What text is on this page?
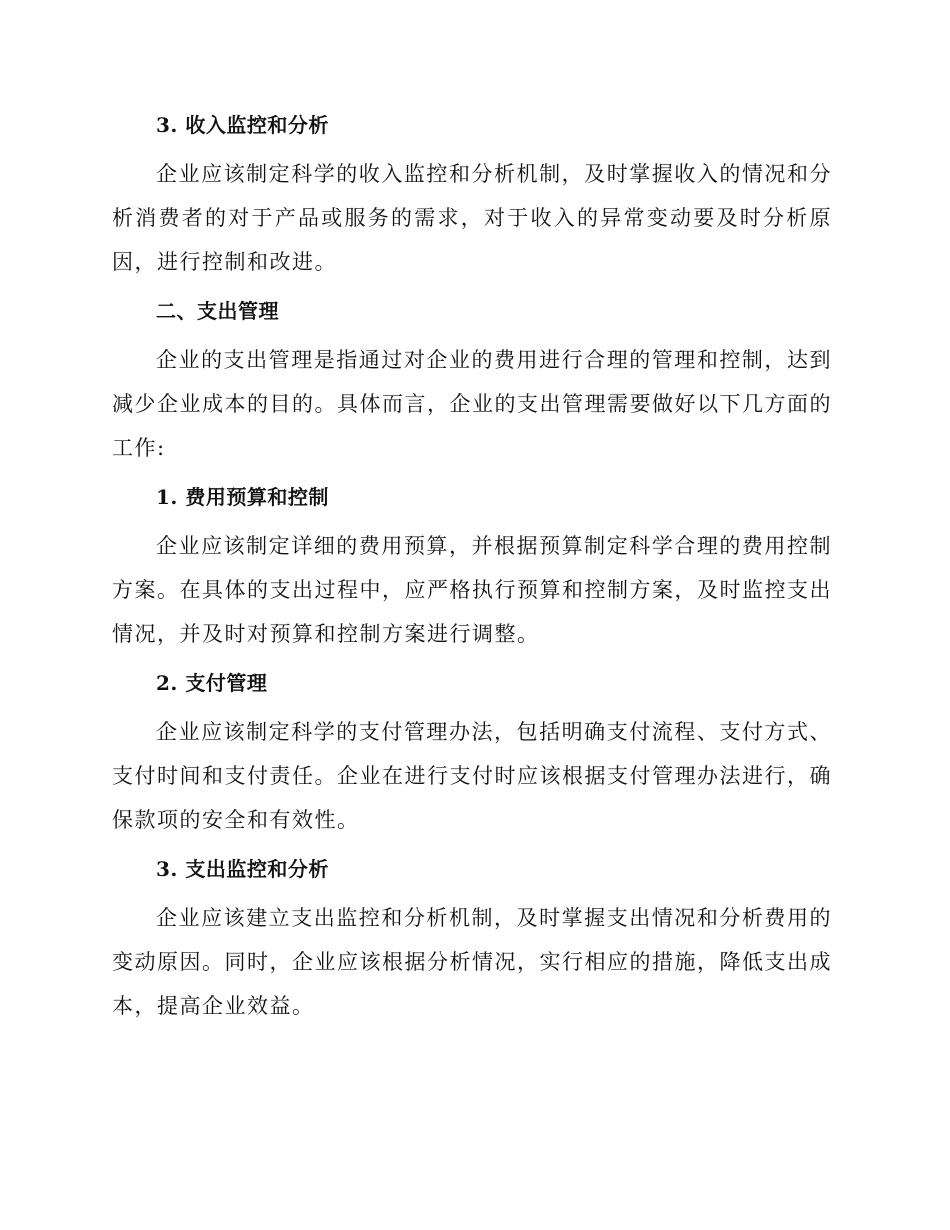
3. 收入监控和分析

企业应该制定科学的收入监控和分析机制，及时掌握收入的情况和分析消费者的对于产品或服务的需求，对于收入的异常变动要及时分析原因，进行控制和改进。

二、支出管理

企业的支出管理是指通过对企业的费用进行合理的管理和控制，达到减少企业成本的目的。具体而言，企业的支出管理需要做好以下几方面的工作:

1. 费用预算和控制

企业应该制定详细的费用预算，并根据预算制定科学合理的费用控制方案。在具体的支出过程中，应严格执行预算和控制方案，及时监控支出情况，并及时对预算和控制方案进行调整。

2. 支付管理

企业应该制定科学的支付管理办法，包括明确支付流程、支付方式、支付时间和支付责任。企业在进行支付时应该根据支付管理办法进行，确保款项的安全和有效性。

3. 支出监控和分析

企业应该建立支出监控和分析机制，及时掌握支出情况和分析费用的变动原因。同时，企业应该根据分析情况，实行相应的措施，降低支出成本，提高企业效益。
